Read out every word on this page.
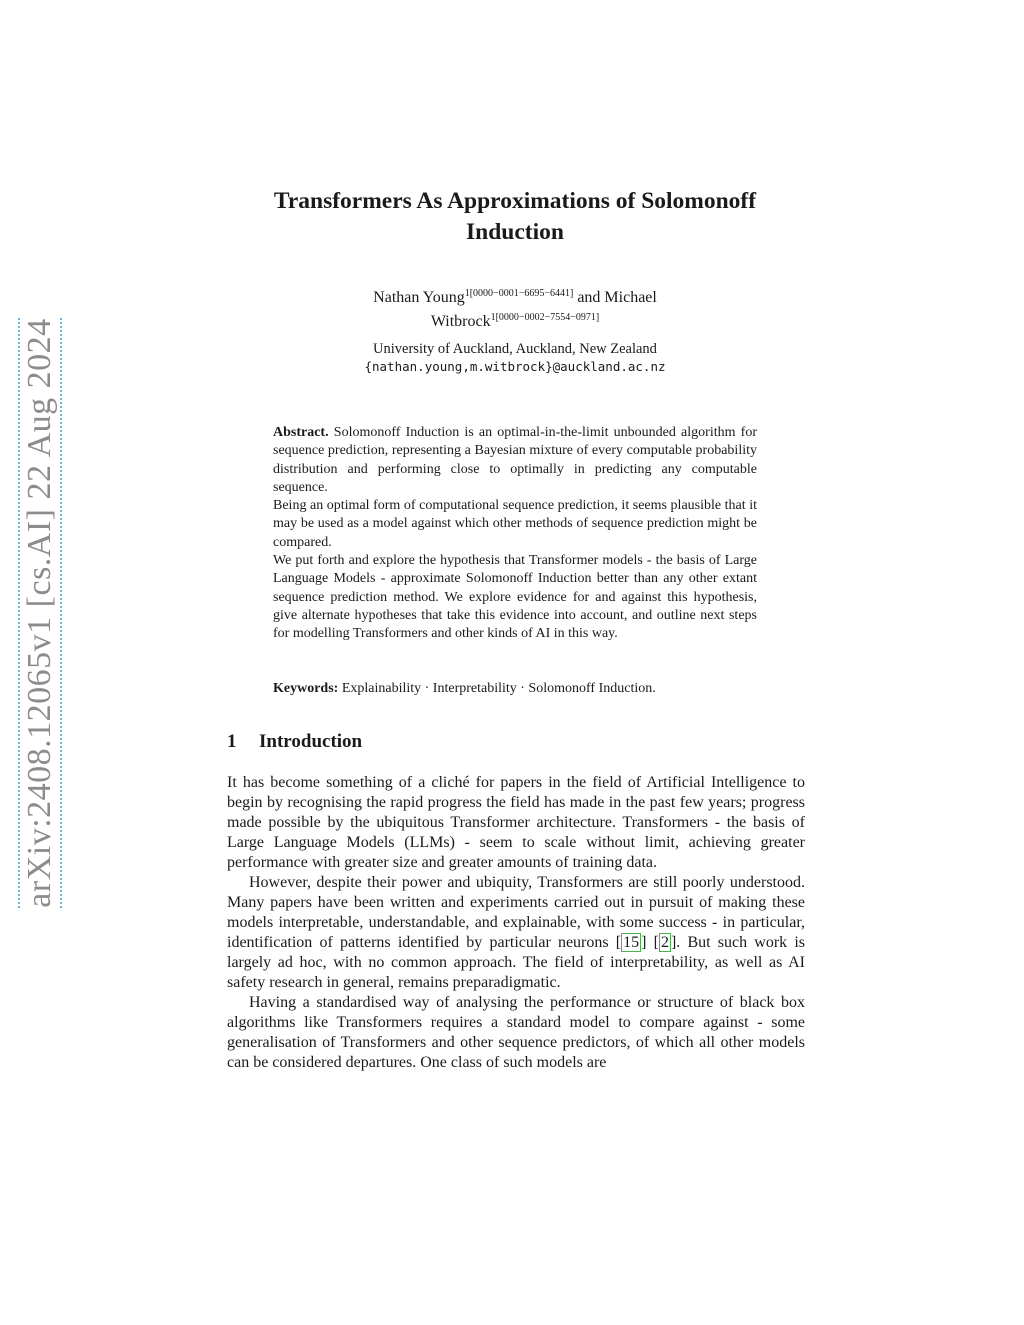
arXiv:2408.12065v1 [cs.AI] 22 Aug 2024
Transformers As Approximations of Solomonoff
Induction
Nathan Young$^{1[0000-0001-6695-6441]}$ and Michael
Witbrock$^{1[0000-0002-7554-0971]}$
University of Auckland, Auckland, New Zealand
{nathan.young,m.witbrock}@auckland.ac.nz

Abstract. Solomonoff Induction is an optimal-in-the-limit unbounded algorithm for sequence prediction, representing a Bayesian mixture of every computable probability distribution and performing close to optimally in predicting any computable sequence.

Being an optimal form of computational sequence prediction, it seems plausible that it may be used as a model against which other methods of sequence prediction might be compared.

We put forth and explore the hypothesis that Transformer models - the basis of Large Language Models - approximate Solomonoff Induction better than any other extant sequence prediction method. We explore evidence for and against this hypothesis, give alternate hypotheses that take this evidence into account, and outline next steps for modelling Transformers and other kinds of AI in this way.

Keywords: Explainability · Interpretability · Solomonoff Induction.
1 Introduction

It has become something of a cliché for papers in the field of Artificial Intelligence to begin by recognising the rapid progress the field has made in the past few years; progress made possible by the ubiquitous Transformer architecture. Transformers - the basis of Large Language Models (LLMs) - seem to scale without limit, achieving greater performance with greater size and greater amounts of training data.

However, despite their power and ubiquity, Transformers are still poorly understood. Many papers have been written and experiments carried out in pursuit of making these models interpretable, understandable, and explainable, with some success - in particular, identification of patterns identified by particular neurons [ 15 ] [ 2 ]. But such work is largely ad hoc, with no common approach. The field of interpretability, as well as AI safety research in general, remains preparadigmatic.

Having a standardised way of analysing the performance or structure of black box algorithms like Transformers requires a standard model to compare against - some generalisation of Transformers and other sequence predictors, of which all other models can be considered departures. One class of such models are
